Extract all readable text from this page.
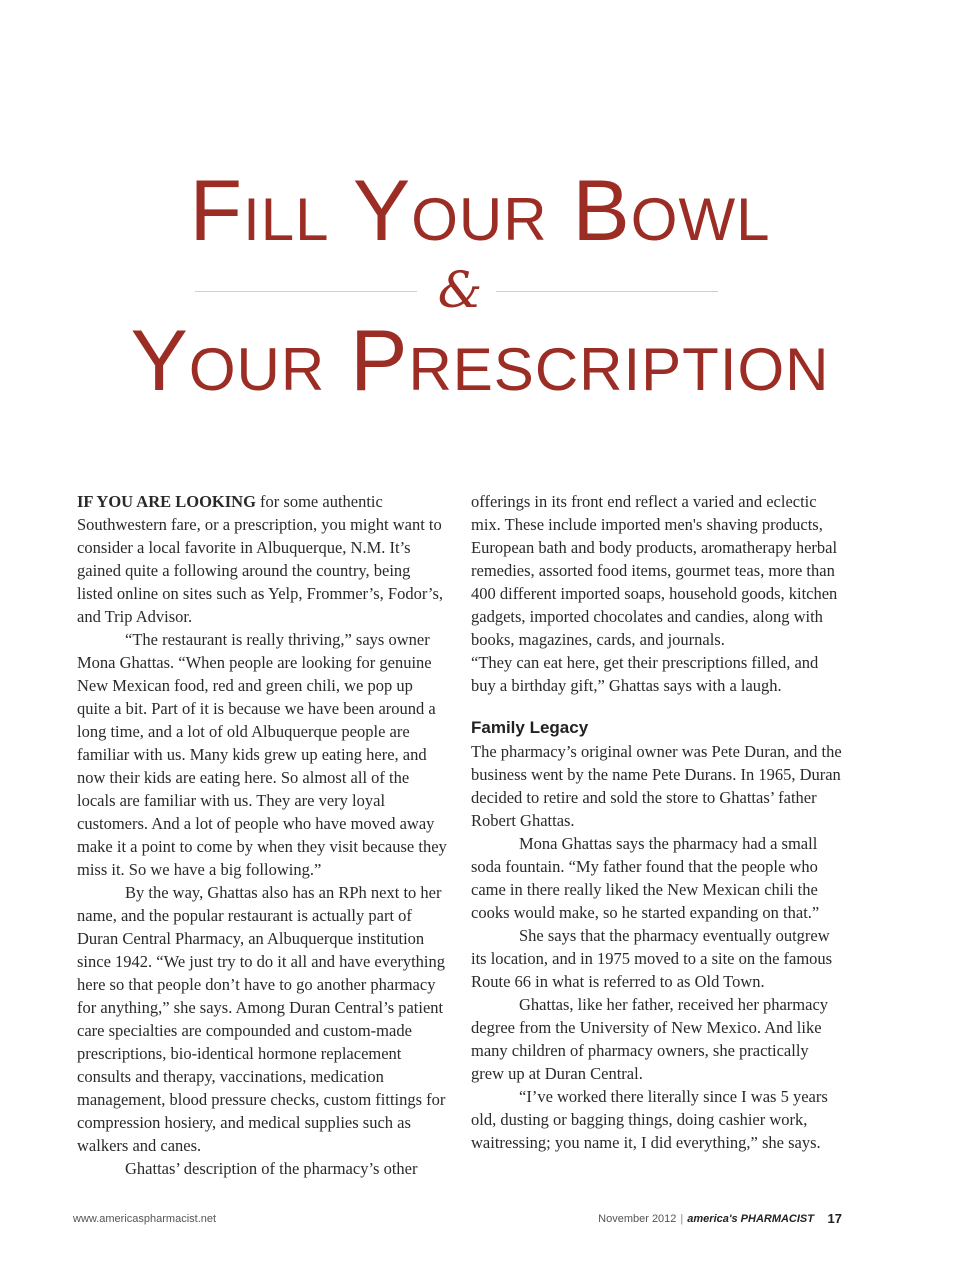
Fill Your Bowl
&
Your Prescription

IF YOU ARE LOOKING for some authentic Southwestern fare, or a prescription, you might want to consider a local favorite in Albuquerque, N.M. It’s gained quite a following around the country, being listed online on sites such as Yelp, Frommer’s, Fodor’s, and Trip Advisor.

“The restaurant is really thriving,” says owner Mona Ghattas. “When people are looking for genuine New Mexican food, red and green chili, we pop up quite a bit. Part of it is because we have been around a long time, and a lot of old Albuquerque people are familiar with us. Many kids grew up eating here, and now their kids are eating here. So almost all of the locals are familiar with us. They are very loyal customers. And a lot of people who have moved away make it a point to come by when they visit because they miss it. So we have a big following.”

By the way, Ghattas also has an RPh next to her name, and the popular restaurant is actually part of Duran Central Pharmacy, an Albuquerque institution since 1942. “We just try to do it all and have everything here so that people don’t have to go another pharmacy for anything,” she says. Among Duran Central’s patient care specialties are compounded and custom-made prescriptions, bio-identical hormone replacement consults and therapy, vaccinations, medication management, blood pressure checks, custom fittings for compression hosiery, and medical supplies such as walkers and canes.

Ghattas’ description of the pharmacy’s other

offerings in its front end reflect a varied and eclectic mix. These include imported men's shaving products, European bath and body products, aromatherapy herbal remedies, assorted food items, gourmet teas, more than 400 different imported soaps, household goods, kitchen gadgets, imported chocolates and candies, along with books, magazines, cards, and journals.

“They can eat here, get their prescriptions filled, and buy a birthday gift,” Ghattas says with a laugh.

Family Legacy

The pharmacy’s original owner was Pete Duran, and the business went by the name Pete Durans. In 1965, Duran decided to retire and sold the store to Ghattas’ father Robert Ghattas.

Mona Ghattas says the pharmacy had a small soda fountain. “My father found that the people who came in there really liked the New Mexican chili the cooks would make, so he started expanding on that.”

She says that the pharmacy eventually outgrew its location, and in 1975 moved to a site on the famous Route 66 in what is referred to as Old Town.

Ghattas, like her father, received her pharmacy degree from the University of New Mexico. And like many children of pharmacy owners, she practically grew up at Duran Central.

“I’ve worked there literally since I was 5 years old, dusting or bagging things, doing cashier work, waitressing; you name it, I did everything,” she says.

www.americaspharmacist.net	November 2012 | america's PHARMACIST 17
